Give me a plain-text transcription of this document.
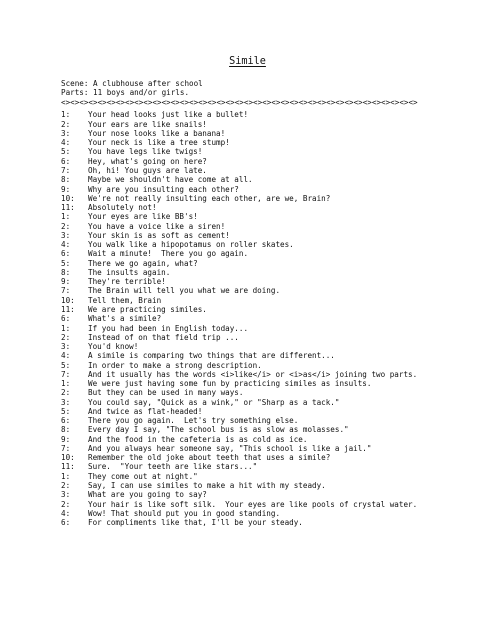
Simile
Scene: A clubhouse after school
Parts: 11 boys and/or girls.
<><><><><><><><><><><><><><><><><><><><><><><><><><><><><><><><><><><><><><><>
1: Your head looks just like a bullet!
2: Your ears are like snails!
3: Your nose looks like a banana!
4: Your neck is like a tree stump!
5: You have legs like twigs!
6: Hey, what's going on here?
7: Oh, hi! You guys are late.
8: Maybe we shouldn't have come at all.
9: Why are you insulting each other?
10: We're not really insulting each other, are we, Brain?
11: Absolutely not!
1: Your eyes are like BB's!
2: You have a voice like a siren!
3: Your skin is as soft as cement!
4: You walk like a hipopotamus on roller skates.
6: Wait a minute!  There you go again.
5: There we go again, what?
8: The insults again.
9: They're terrible!
7: The Brain will tell you what we are doing.
10: Tell them, Brain
11: We are practicing similes.
6: What's a simile?
1: If you had been in English today...
2: Instead of on that field trip ...
3: You'd know!
4: A simile is comparing two things that are different...
5: In order to make a strong description.
7: And it usually has the words <i>like</i> or <i>as</i> joining two parts.
1: We were just having some fun by practicing similes as insults.
2: But they can be used in many ways.
3: You could say, "Quick as a wink," or "Sharp as a tack."
5: And twice as flat-headed!
6: There you go again.  Let's try something else.
8: Every day I say, "The school bus is as slow as molasses."
9: And the food in the cafeteria is as cold as ice.
7: And you always hear someone say, "This school is like a jail."
10: Remember the old joke about teeth that uses a simile?
11: Sure.  "Your teeth are like stars..."
1: They come out at night."
2: Say, I can use similes to make a hit with my steady.
3: What are you going to say?
2: Your hair is like soft silk.  Your eyes are like pools of crystal water.
4: Wow! That should put you in good standing.
6: For compliments like that, I'll be your steady.
